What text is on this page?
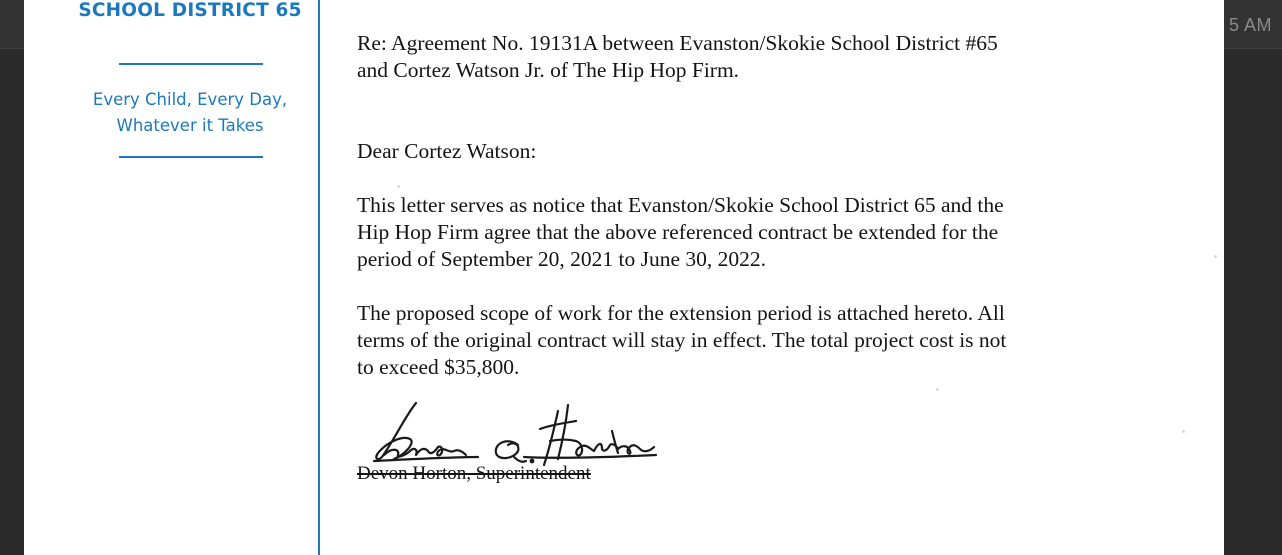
5 AM
SCHOOL DISTRICT 65
Every Child, Every Day,
Whatever it Takes

Re: Agreement No. 19131A between Evanston/Skokie School District #65
and Cortez Watson Jr. of The Hip Hop Firm.

Dear Cortez Watson:

This letter serves as notice that Evanston/Skokie School District 65 and the
Hip Hop Firm agree that the above referenced contract be extended for the
period of September 20, 2021 to June 30, 2022.

The proposed scope of work for the extension period is attached hereto. All
terms of the original contract will stay in effect. The total project cost is not
to exceed $35,800.

Devon Horton, Superintendent
